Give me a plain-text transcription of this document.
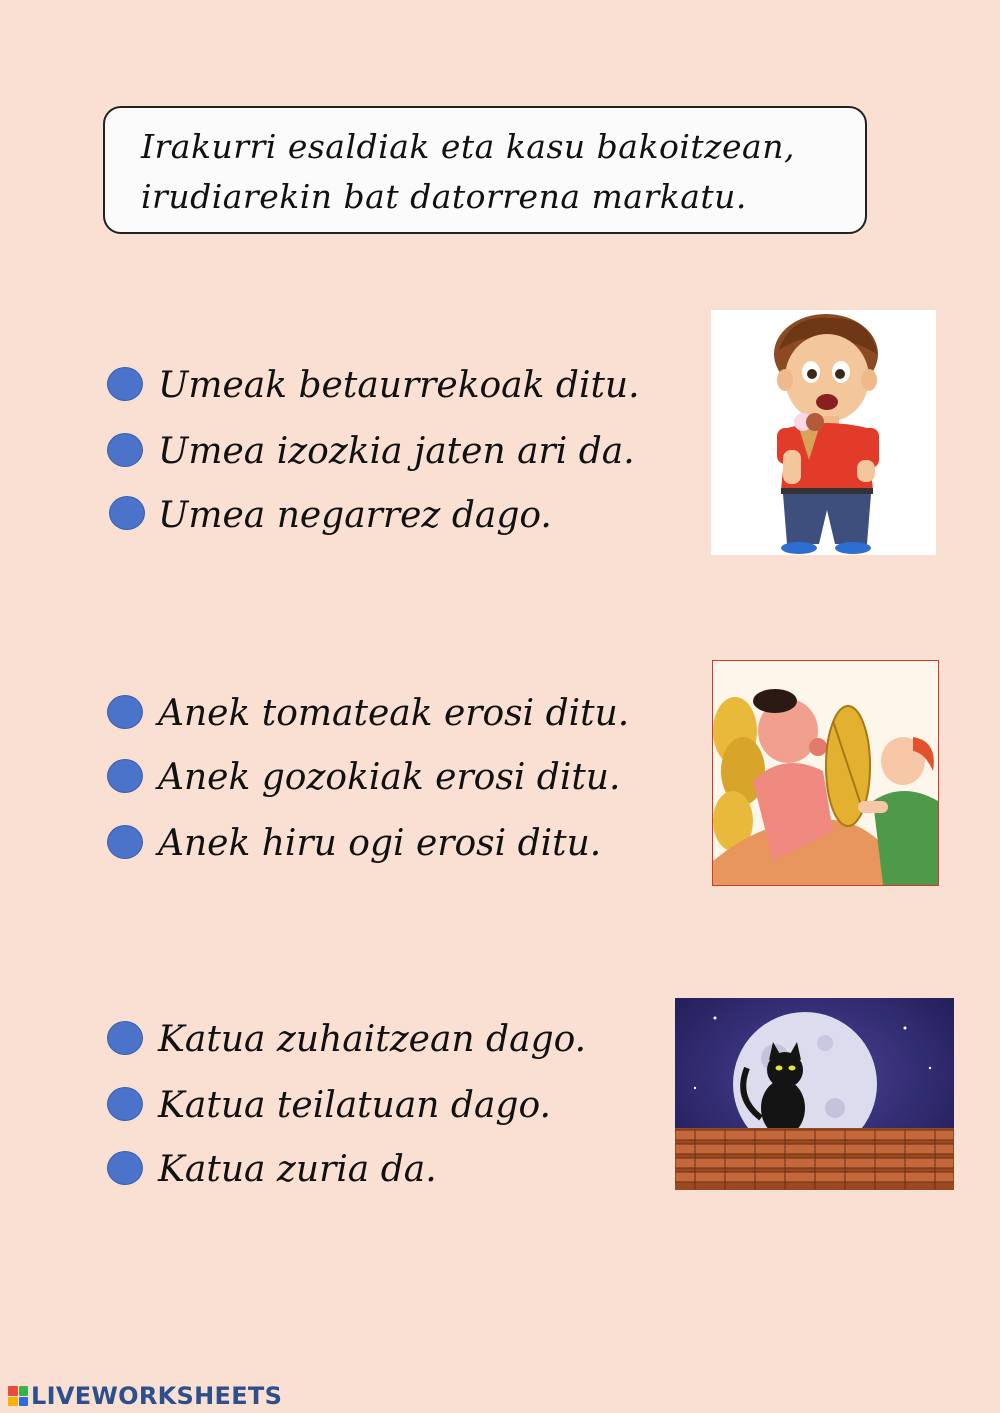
Irakurri esaldiak eta kasu bakoitzean,
irudiarekin bat datorrena markatu.
Umeak betaurrekoak ditu.
Umea izozkia jaten ari da.
Umea negarrez dago.
Anek tomateak erosi ditu.
Anek gozokiak erosi ditu.
Anek hiru ogi erosi ditu.
Katua zuhaitzean dago.
Katua teilatuan dago.
Katua zuria da.
LIVEWORKSHEETS
